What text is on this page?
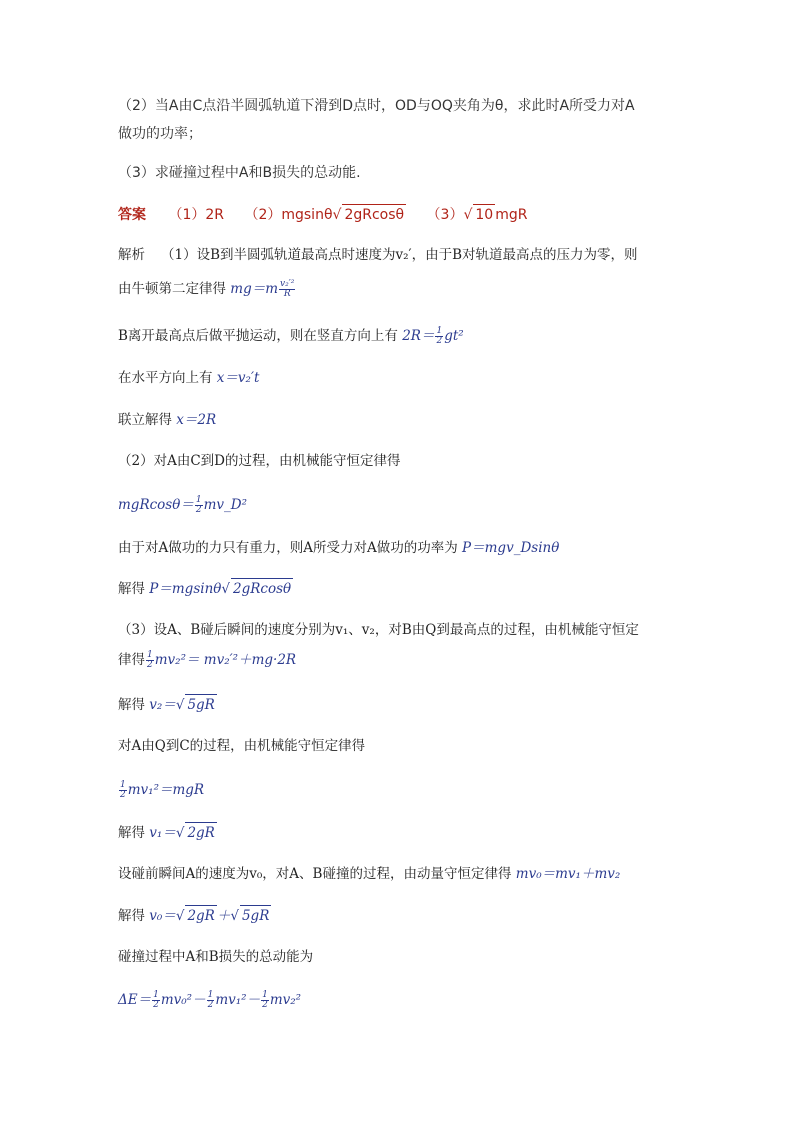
（2）当A由C点沿半圆弧轨道下滑到D点时，OD与OQ夹角为θ，求此时A所受力对A
做功的功率；
（3）求碰撞过程中A和B损失的总动能.
答案 （1）2R （2）mgsinθ√ 2gRcosθ （3）√ 10 mgR
解析 （1）设B到半圆弧轨道最高点时速度为v₂′，由于B对轨道最高点的压力为零，则
由牛顿第二定律得 $mg=m \frac{\text{v₂′²}}{R}$
B离开最高点后做平抛运动，则在竖直方向上有 $2R= \frac{1}{2} gt^2$
在水平方向上有 x＝v₂′t
联立解得 x＝2R
（2）对A由C到D的过程，由机械能守恒定律得
$mgRcos\theta= \frac{1}{2}$ mv_D²
由于对A做功的力只有重力，则A所受力对A做功的功率为 P＝mgv_Dsinθ
解得 P＝mgsinθ√ 2gRcosθ
（3）设A、B碰后瞬间的速度分别为v₁、v₂，对B由Q到最高点的过程，由机械能守恒定
律得 $\frac{1}{2} mv_2^2= mv_2'^2+mg\cdot 2R$
解得 v₂＝√ 5gR
对A由Q到C的过程，由机械能守恒定律得
$\frac{1}{2} mv_1^2=mgR$
解得 v₁＝√ 2gR
设碰前瞬间A的速度为v₀，对A、B碰撞的过程，由动量守恒定律得 mv₀＝mv₁＋mv₂
解得 v₀＝√ 2gR ＋√ 5gR
碰撞过程中A和B损失的总动能为
$\Delta E= \frac{1}{2} mv_0^2- \frac{1}{2} mv_1^2- \frac{1}{2} mv_2^2$
